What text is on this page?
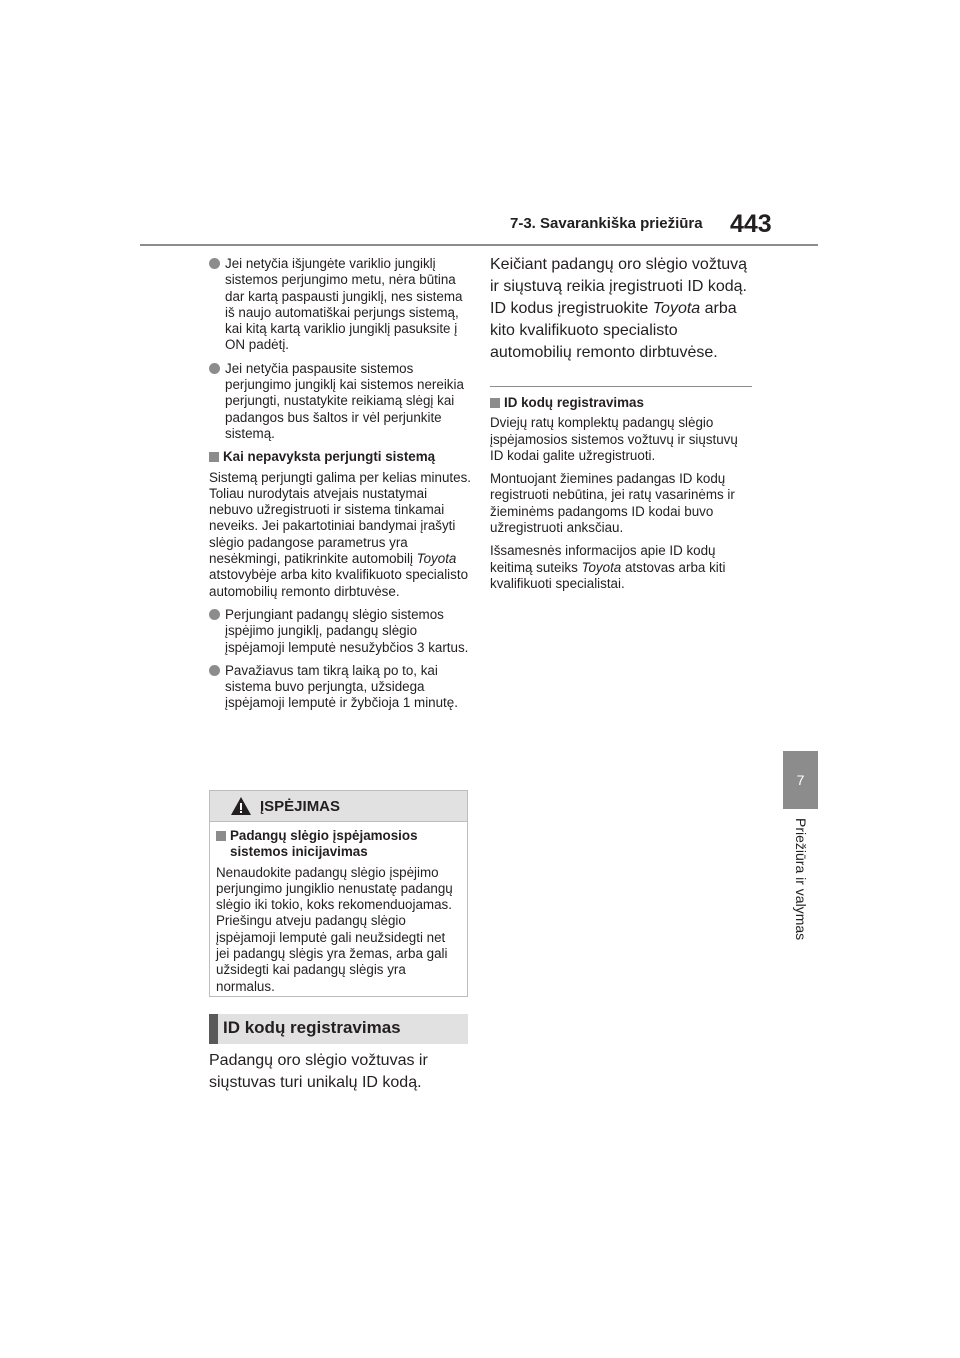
7-3. Savarankiška priežiūra 443
7
Priežiūra ir valymas
Jei netyčia išjungėte variklio jungiklį sistemos perjungimo metu, nėra būtina dar kartą paspausti jungiklį, nes sistema iš naujo automatiškai perjungs sistemą, kai kitą kartą variklio jungiklį pasuksite į ON padėtį.
Jei netyčia paspausite sistemos perjungimo jungiklį kai sistemos nereikia perjungti, nustatykite reikiamą slėgį kai padangos bus šaltos ir vėl perjunkite sistemą.
Kai nepavyksta perjungti sistemą
Sistemą perjungti galima per kelias minutes. Toliau nurodytais atvejais nustatymai nebuvo užregistruoti ir sistema tinkamai neveiks. Jei pakartotiniai bandymai įrašyti slėgio padangose parametrus yra nesėkmingi, patikrinkite automobilį Toyota atstovybėje arba kito kvalifikuoto specialisto automobilių remonto dirbtuvėse.
Perjungiant padangų slėgio sistemos įspėjimo jungiklį, padangų slėgio įspėjamoji lemputė nesužybčios 3 kartus.
Pavažiavus tam tikrą laiką po to, kai sistema buvo perjungta, užsidega įspėjamoji lemputė ir žybčioja 1 minutę.
ĮSPĖJIMAS
Padangų slėgio įspėjamosios sistemos inicijavimas
Nenaudokite padangų slėgio įspėjimo perjungimo jungiklio nenustatę padangų slėgio iki tokio, koks rekomenduojamas. Priešingu atveju padangų slėgio įspėjamoji lemputė gali neužsidegti net jei padangų slėgis yra žemas, arba gali užsidegti kai padangų slėgis yra normalus.
ID kodų registravimas
Padangų oro slėgio vožtuvas ir siųstuvas turi unikalų ID kodą.
Keičiant padangų oro slėgio vožtuvą ir siųstuvą reikia įregistruoti ID kodą. ID kodus įregistruokite Toyota arba kito kvalifikuoto specialisto automobilių remonto dirbtuvėse.
ID kodų registravimas
Dviejų ratų komplektų padangų slėgio įspėjamosios sistemos vožtuvų ir siųstuvų ID kodai galite užregistruoti.
Montuojant žiemines padangas ID kodų registruoti nebūtina, jei ratų vasarinėms ir žieminėms padangoms ID kodai buvo užregistruoti anksčiau.
Išsamesnės informacijos apie ID kodų keitimą suteiks Toyota atstovas arba kiti kvalifikuoti specialistai.
